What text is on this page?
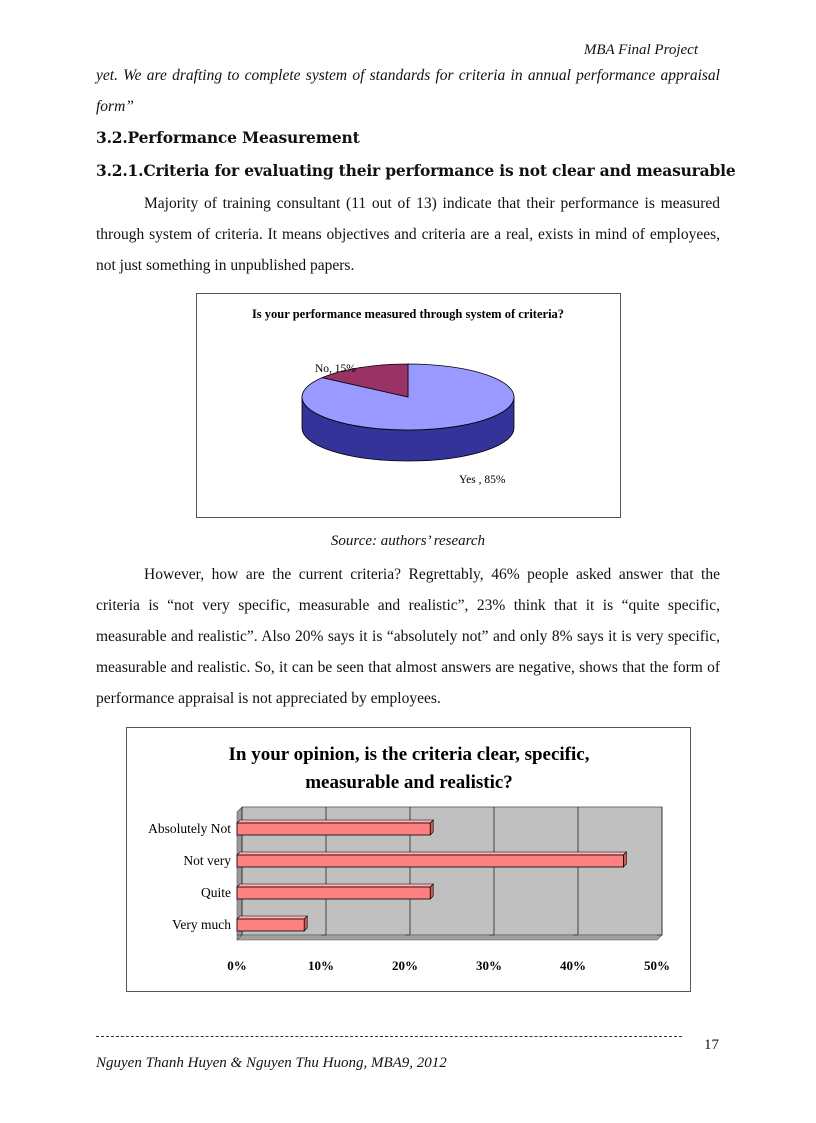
MBA Final Project
yet. We are drafting to complete system of standards for criteria in annual performance appraisal form”
3.2.Performance Measurement
3.2.1.Criteria for evaluating their performance is not clear and measurable
Majority of training consultant (11 out of 13) indicate that their performance is measured through system of criteria. It means objectives and criteria are a real, exists in mind of employees, not just something in unpublished papers.
Is your performance measured through system of criteria?
No, 15%
Yes , 85%
Source: authors’ research
However, how are the current criteria? Regrettably, 46% people asked answer that the criteria is “not very specific, measurable and realistic”, 23% think that it is “quite specific, measurable and realistic”. Also 20% says it is “absolutely not” and only 8% says it is very specific, measurable and realistic. So, it can be seen that almost answers are negative, shows that the form of performance appraisal is not appreciated by employees.
In your opinion, is the criteria clear, specific,
measurable and realistic?
0%	10%	20%	30%	40%	50%
Absolutely Not
Not very
Quite
Very much
17
Nguyen Thanh Huyen & Nguyen Thu Huong, MBA9, 2012
